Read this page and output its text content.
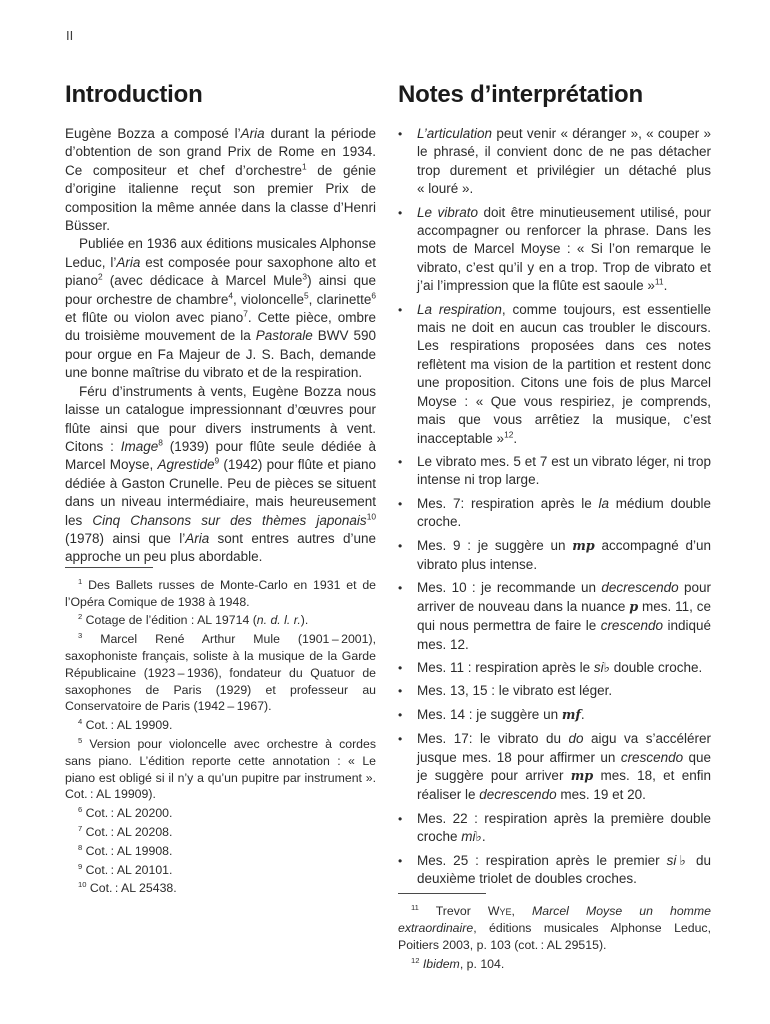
II
Introduction

Eugène Bozza a composé l’Aria durant la période d’obtention de son grand Prix de Rome en 1934. Ce compositeur et chef d’orchestre$^1$ de génie d’origine italienne reçut son premier Prix de composition la même année dans la classe d’Henri Büsser.

Publiée en 1936 aux éditions musicales Alphonse Leduc, l’Aria est composée pour saxophone alto et piano$^2$ (avec dédicace à Marcel Mule$^3$) ainsi que pour orchestre de chambre$^4$, violoncelle$^5$, clarinette$^6$ et flûte ou violon avec piano$^7$. Cette pièce, ombre du troisième mouvement de la Pastorale BWV 590 pour orgue en Fa Majeur de J. S. Bach, demande une bonne maîtrise du vibrato et de la respiration.

Féru d’instruments à vents, Eugène Bozza nous laisse un catalogue impressionnant d’œuvres pour flûte ainsi que pour divers instruments à vent. Citons : Image$^8$ (1939) pour flûte seule dédiée à Marcel Moyse, Agrestide$^9$ (1942) pour flûte et piano dédiée à Gaston Crunelle. Peu de pièces se situent dans un niveau intermédiaire, mais heureusement les Cinq Chansons sur des thèmes japonais$^{10}$ (1978) ainsi que l’Aria sont entres autres d’une approche un peu plus abordable.

$^1$ Des Ballets russes de Monte-Carlo en 1931 et de l’Opéra Comique de 1938 à 1948.

$^2$ Cotage de l’édition : AL 19714 (n. d. l. r.).

$^3$ Marcel René Arthur Mule (1901 – 2001), saxophoniste français, soliste à la musique de la Garde Républicaine (1923 – 1936), fondateur du Quatuor de saxophones de Paris (1929) et professeur au Conservatoire de Paris (1942 – 1967).

$^4$ Cot. : AL 19909.

$^5$ Version pour violoncelle avec orchestre à cordes sans piano. L’édition reporte cette annotation : « Le piano est obligé si il n’y a qu’un pupitre par instrument ». Cot. : AL 19909).

$^6$ Cot. : AL 20200.

$^7$ Cot. : AL 20208.

$^8$ Cot. : AL 19908.

$^9$ Cot. : AL 20101.

$^{10}$ Cot. : AL 25438.

Notes d’interprétation
•	L’articulation peut venir « déranger », « couper » le phrasé, il convient donc de ne pas détacher trop durement et privilégier un détaché plus « louré ».

•	Le vibrato doit être minutieusement utilisé, pour accompagner ou renforcer la phrase. Dans les mots de Marcel Moyse : « Si l’on remarque le vibrato, c’est qu’il y en a trop. Trop de vibrato et j’ai l’impression que la flûte est saoule »$^{11}$.

•	La respiration, comme toujours, est essentielle mais ne doit en aucun cas troubler le discours. Les respirations proposées dans ces notes reflètent ma vision de la partition et restent donc une proposition. Citons une fois de plus Marcel Moyse : « Que vous respiriez, je comprends, mais que vous arrêtiez la musique, c’est inacceptable »$^{12}$.

•	Le vibrato mes. 5 et 7 est un vibrato léger, ni trop intense ni trop large.

•	Mes. 7: respiration après le la médium double croche.

•	Mes. 9 : je suggère un mp accompagné d’un vibrato plus intense.

•	Mes. 10 : je recommande un decrescendo pour arriver de nouveau dans la nuance p mes. 11, ce qui nous permettra de faire le crescendo indiqué mes. 12.

•	Mes. 11 : respiration après le si♭ double croche.

•	Mes. 13, 15 : le vibrato est léger.

•	Mes. 14 : je suggère un mf.

•	Mes. 17: le vibrato du do aigu va s’accélérer jusque mes. 18 pour affirmer un crescendo que je suggère pour arriver mp mes. 18, et enfin réaliser le decrescendo mes. 19 et 20.

•	Mes. 22 : respiration après la première double croche mi♭.

•	Mes. 25 : respiration après le premier si♭ du deuxième triolet de doubles croches.

$^{11}$ Trevor Wye, Marcel Moyse un homme extraordinaire, éditions musicales Alphonse Leduc, Poitiers 2003, p. 103 (cot. : AL 29515).

$^{12}$ Ibidem, p. 104.
